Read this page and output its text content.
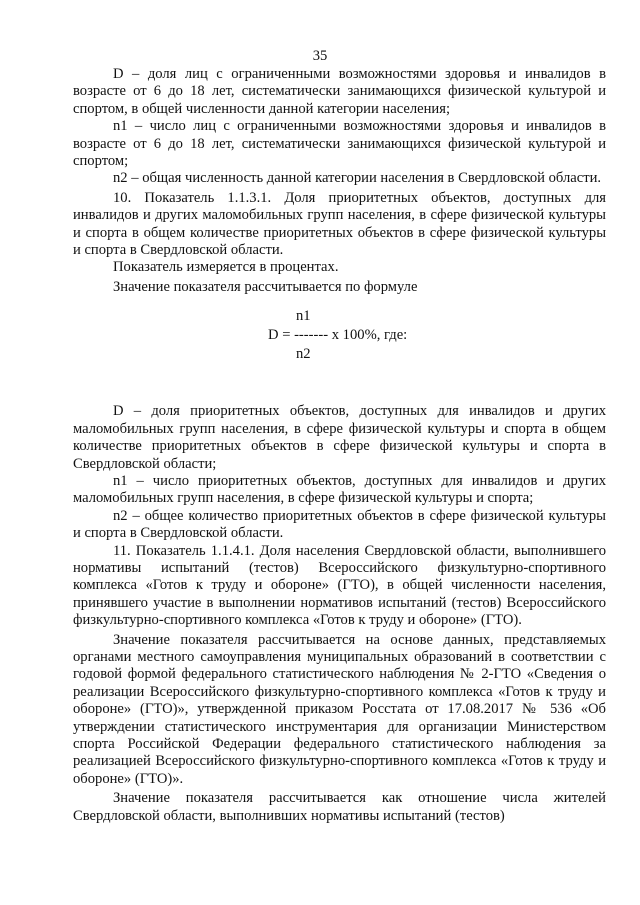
35

D – доля лиц с ограниченными возможностями здоровья и инвалидов в возрасте от 6 до 18 лет, систематически занимающихся физической культурой и спортом, в общей численности данной категории населения;

n1 – число лиц с ограниченными возможностями здоровья и инвалидов в возрасте от 6 до 18 лет, систематически занимающихся физической культурой и спортом;

n2 – общая численность данной категории населения в Свердловской области.

10. Показатель 1.1.3.1. Доля приоритетных объектов, доступных для инвалидов и других маломобильных групп населения, в сфере физической культуры и спорта в общем количестве приоритетных объектов в сфере физической культуры и спорта в Свердловской области.

Показатель измеряется в процентах.

Значение показателя рассчитывается по формуле

n1
D = ------- x 100%, где:
n2

D – доля приоритетных объектов, доступных для инвалидов и других маломобильных групп населения, в сфере физической культуры и спорта в общем количестве приоритетных объектов в сфере физической культуры и спорта в Свердловской области;

n1 – число приоритетных объектов, доступных для инвалидов и других маломобильных групп населения, в сфере физической культуры и спорта;

n2 – общее количество приоритетных объектов в сфере физической культуры и спорта в Свердловской области.

11. Показатель 1.1.4.1. Доля населения Свердловской области, выполнившего нормативы испытаний (тестов) Всероссийского физкультурно-спортивного комплекса «Готов к труду и обороне» (ГТО), в общей численности населения, принявшего участие в выполнении нормативов испытаний (тестов) Всероссийского физкультурно-спортивного комплекса «Готов к труду и обороне» (ГТО).

Значение показателя рассчитывается на основе данных, представляемых органами местного самоуправления муниципальных образований в соответствии с годовой формой федерального статистического наблюдения № 2-ГТО «Сведения о реализации Всероссийского физкультурно-спортивного комплекса «Готов к труду и обороне» (ГТО)», утвержденной приказом Росстата от 17.08.2017 № 536 «Об утверждении статистического инструментария для организации Министерством спорта Российской Федерации федерального статистического наблюдения за реализацией Всероссийского физкультурно-спортивного комплекса «Готов к труду и обороне» (ГТО)».

Значение показателя рассчитывается как отношение числа жителей Свердловской области, выполнивших нормативы испытаний (тестов)
